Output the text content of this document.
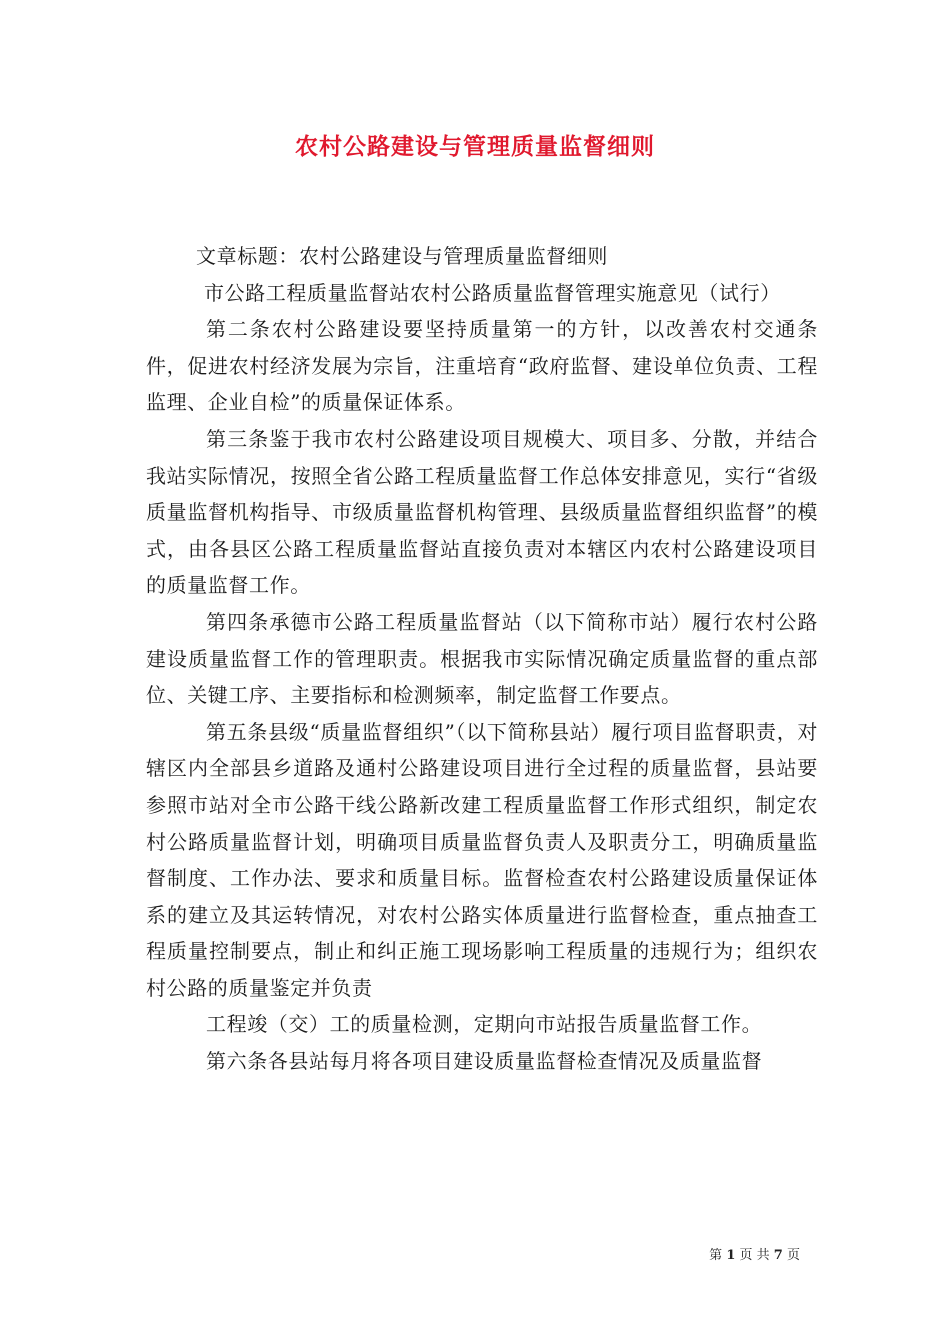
农村公路建设与管理质量监督细则

文章标题：农村公路建设与管理质量监督细则

市公路工程质量监督站农村公路质量监督管理实施意见（试行）

第二条农村公路建设要坚持质量第一的方针，以改善农村交通条件，促进农村经济发展为宗旨，注重培育“政府监督、建设单位负责、工程监理、企业自检”的质量保证体系。

第三条鉴于我市农村公路建设项目规模大、项目多、分散，并结合我站实际情况，按照全省公路工程质量监督工作总体安排意见，实行“省级质量监督机构指导、市级质量监督机构管理、县级质量监督组织监督”的模式，由各县区公路工程质量监督站直接负责对本辖区内农村公路建设项目的质量监督工作。

第四条承德市公路工程质量监督站（以下简称市站）履行农村公路建设质量监督工作的管理职责。根据我市实际情况确定质量监督的重点部位、关键工序、主要指标和检测频率，制定监督工作要点。

第五条县级“质量监督组织”（以下简称县站）履行项目监督职责，对辖区内全部县乡道路及通村公路建设项目进行全过程的质量监督，县站要参照市站对全市公路干线公路新改建工程质量监督工作形式组织，制定农村公路质量监督计划，明确项目质量监督负责人及职责分工，明确质量监督制度、工作办法、要求和质量目标。监督检查农村公路建设质量保证体系的建立及其运转情况，对农村公路实体质量进行监督检查，重点抽查工程质量控制要点，制止和纠正施工现场影响工程质量的违规行为；组织农村公路的质量鉴定并负责

工程竣（交）工的质量检测，定期向市站报告质量监督工作。

第六条各县站每月将各项目建设质量监督检查情况及质量监督

第 1 页 共 7 页
